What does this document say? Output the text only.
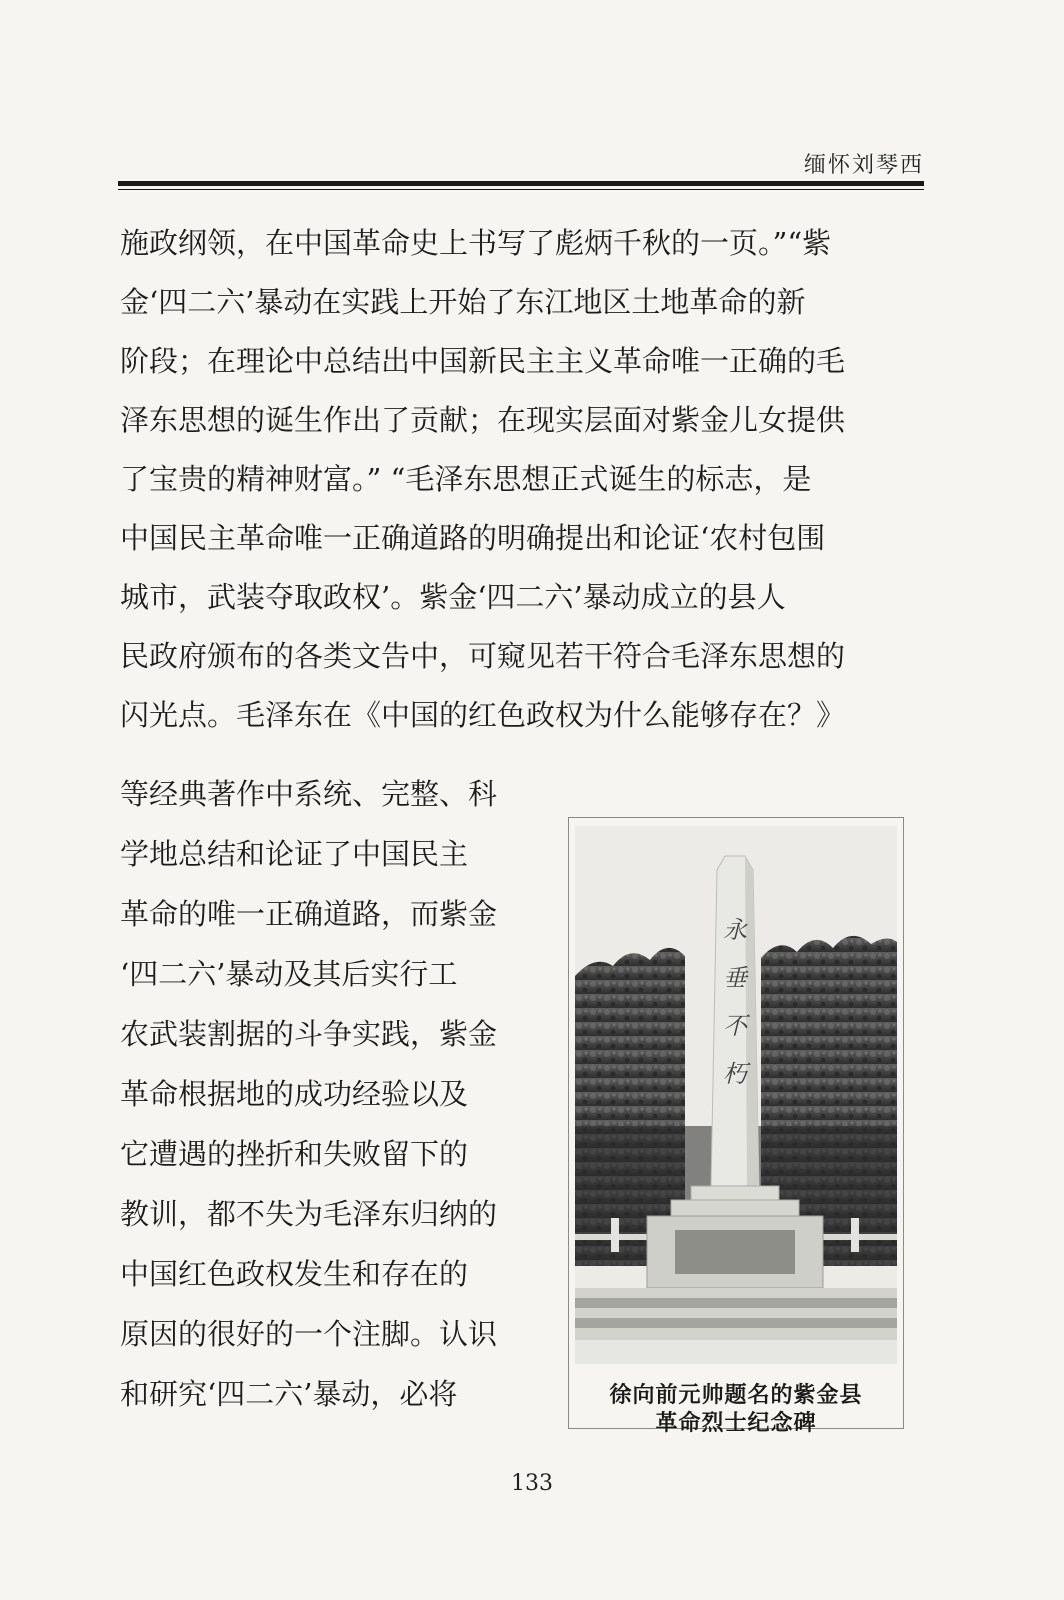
缅怀刘琴西
施政纲领，在中国革命史上书写了彪炳千秋的一页。”“紫
金‘四二六’暴动在实践上开始了东江地区土地革命的新
阶段；在理论中总结出中国新民主主义革命唯一正确的毛
泽东思想的诞生作出了贡献；在现实层面对紫金儿女提供
了宝贵的精神财富。” “毛泽东思想正式诞生的标志，是
中国民主革命唯一正确道路的明确提出和论证‘农村包围
城市，武装夺取政权’。紫金‘四二六’暴动成立的县人
民政府颁布的各类文告中，可窥见若干符合毛泽东思想的
闪光点。毛泽东在《中国的红色政权为什么能够存在？》
等经典著作中系统、完整、科
学地总结和论证了中国民主
革命的唯一正确道路，而紫金
‘四二六’暴动及其后实行工
农武装割据的斗争实践，紫金
革命根据地的成功经验以及
它遭遇的挫折和失败留下的
教训，都不失为毛泽东归纳的
中国红色政权发生和存在的
原因的很好的一个注脚。认识
和研究‘四二六’暴动，必将
永垂不朽
徐向前元帅题名的紫金县
革命烈士纪念碑
133
